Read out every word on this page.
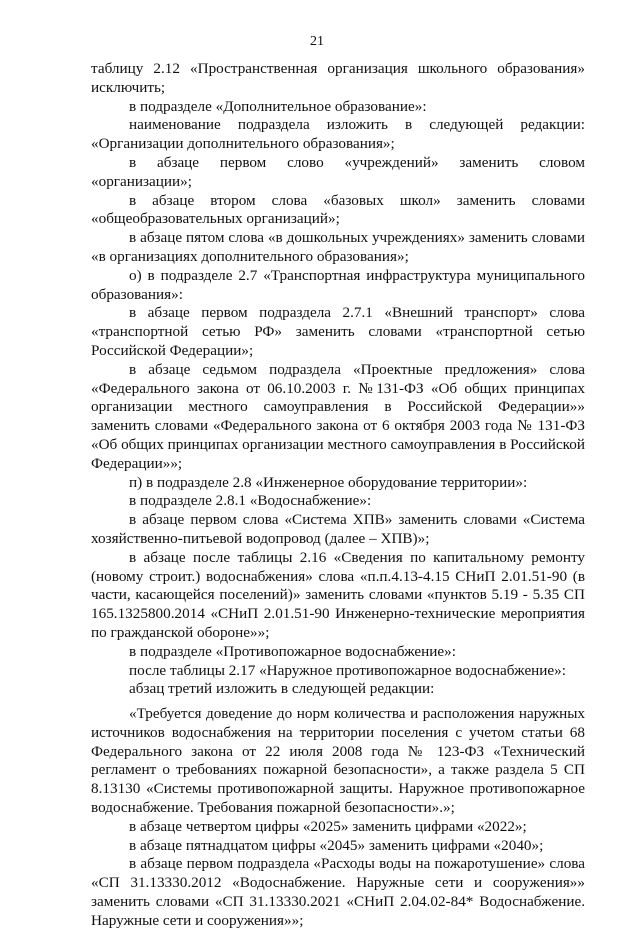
21

таблицу 2.12 «Пространственная организация школьного образования» исключить;

в подразделе «Дополнительное образование»:

наименование подраздела изложить в следующей редакции: «Организации дополнительного образования»;

в абзаце первом слово «учреждений» заменить словом «организации»;

в абзаце втором слова «базовых школ» заменить словами «общеобразовательных организаций»;

в абзаце пятом слова «в дошкольных учреждениях» заменить словами «в организациях дополнительного образования»;

о) в подразделе 2.7 «Транспортная инфраструктура муниципального образования»:

в абзаце первом подраздела 2.7.1 «Внешний транспорт» слова «транспортной сетью РФ» заменить словами «транспортной сетью Российской Федерации»;

в абзаце седьмом подраздела «Проектные предложения» слова «Федерального закона от 06.10.2003 г. №131-ФЗ «Об общих принципах организации местного самоуправления в Российской Федерации»» заменить словами «Федерального закона от 6 октября 2003 года № 131-ФЗ «Об общих принципах организации местного самоуправления в Российской Федерации»»;

п) в подразделе 2.8 «Инженерное оборудование территории»:

в подразделе 2.8.1 «Водоснабжение»:

в абзаце первом слова «Система ХПВ» заменить словами «Система хозяйственно-питьевой водопровод (далее – ХПВ)»;

в абзаце после таблицы 2.16 «Сведения по капитальному ремонту (новому строит.) водоснабжения» слова «п.п.4.13-4.15 СНиП 2.01.51-90 (в части, касающейся поселений)» заменить словами «пунктов 5.19 - 5.35 СП 165.1325800.2014 «СНиП 2.01.51-90 Инженерно-технические мероприятия по гражданской обороне»»;

в подразделе «Противопожарное водоснабжение»:

после таблицы 2.17 «Наружное противопожарное водоснабжение»:

абзац третий изложить в следующей редакции:

«Требуется доведение до норм количества и расположения наружных источников водоснабжения на территории поселения с учетом статьи 68 Федерального закона от 22 июля 2008 года № 123-ФЗ «Технический регламент о требованиях пожарной безопасности», а также раздела 5 СП 8.13130 «Системы противопожарной защиты. Наружное противопожарное водоснабжение. Требования пожарной безопасности».»;

в абзаце четвертом цифры «2025» заменить цифрами «2022»;

в абзаце пятнадцатом цифры «2045» заменить цифрами «2040»;

в абзаце первом подраздела «Расходы воды на пожаротушение» слова «СП 31.13330.2012 «Водоснабжение. Наружные сети и сооружения»» заменить словами «СП 31.13330.2021 «СНиП 2.04.02-84* Водоснабжение. Наружные сети и сооружения»»;
